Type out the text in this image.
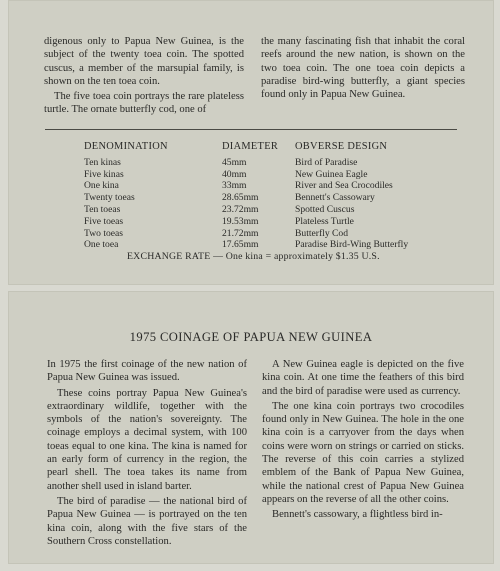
digenous only to Papua New Guinea, is the subject of the twenty toea coin. The spotted cuscus, a member of the marsupial family, is shown on the ten toea coin.

The five toea coin portrays the rare plateless turtle. The ornate butterfly cod, one of

the many fascinating fish that inhabit the coral reefs around the new nation, is shown on the two toea coin. The one toea coin depicts a paradise bird-wing butterfly, a giant species found only in Papua New Guinea.

DENOMINATION	DIAMETER	OBVERSE DESIGN
Ten kinas	45mm	Bird of Paradise
Five kinas	40mm	New Guinea Eagle
One kina	33mm	River and Sea Crocodiles
Twenty toeas	28.65mm	Bennett's Cassowary
Ten toeas	23.72mm	Spotted Cuscus
Five toeas	19.53mm	Plateless Turtle
Two toeas	21.72mm	Butterfly Cod
One toea	17.65mm	Paradise Bird-Wing Butterfly
EXCHANGE RATE — One kina = approximately $1.35 U.S.
1975 COINAGE OF PAPUA NEW GUINEA

In 1975 the first coinage of the new nation of Papua New Guinea was issued.

These coins portray Papua New Guinea's extraordinary wildlife, together with the symbols of the nation's sovereignty. The coinage employs a decimal system, with 100 toeas equal to one kina. The kina is named for an early form of currency in the region, the pearl shell. The toea takes its name from another shell used in island barter.

The bird of paradise — the national bird of Papua New Guinea — is portrayed on the ten kina coin, along with the five stars of the Southern Cross constellation.

A New Guinea eagle is depicted on the five kina coin. At one time the feathers of this bird and the bird of paradise were used as currency.

The one kina coin portrays two crocodiles found only in New Guinea. The hole in the one kina coin is a carryover from the days when coins were worn on strings or carried on sticks. The reverse of this coin carries a stylized emblem of the Bank of Papua New Guinea, while the national crest of Papua New Guinea appears on the reverse of all the other coins.

Bennett's cassowary, a flightless bird in-
